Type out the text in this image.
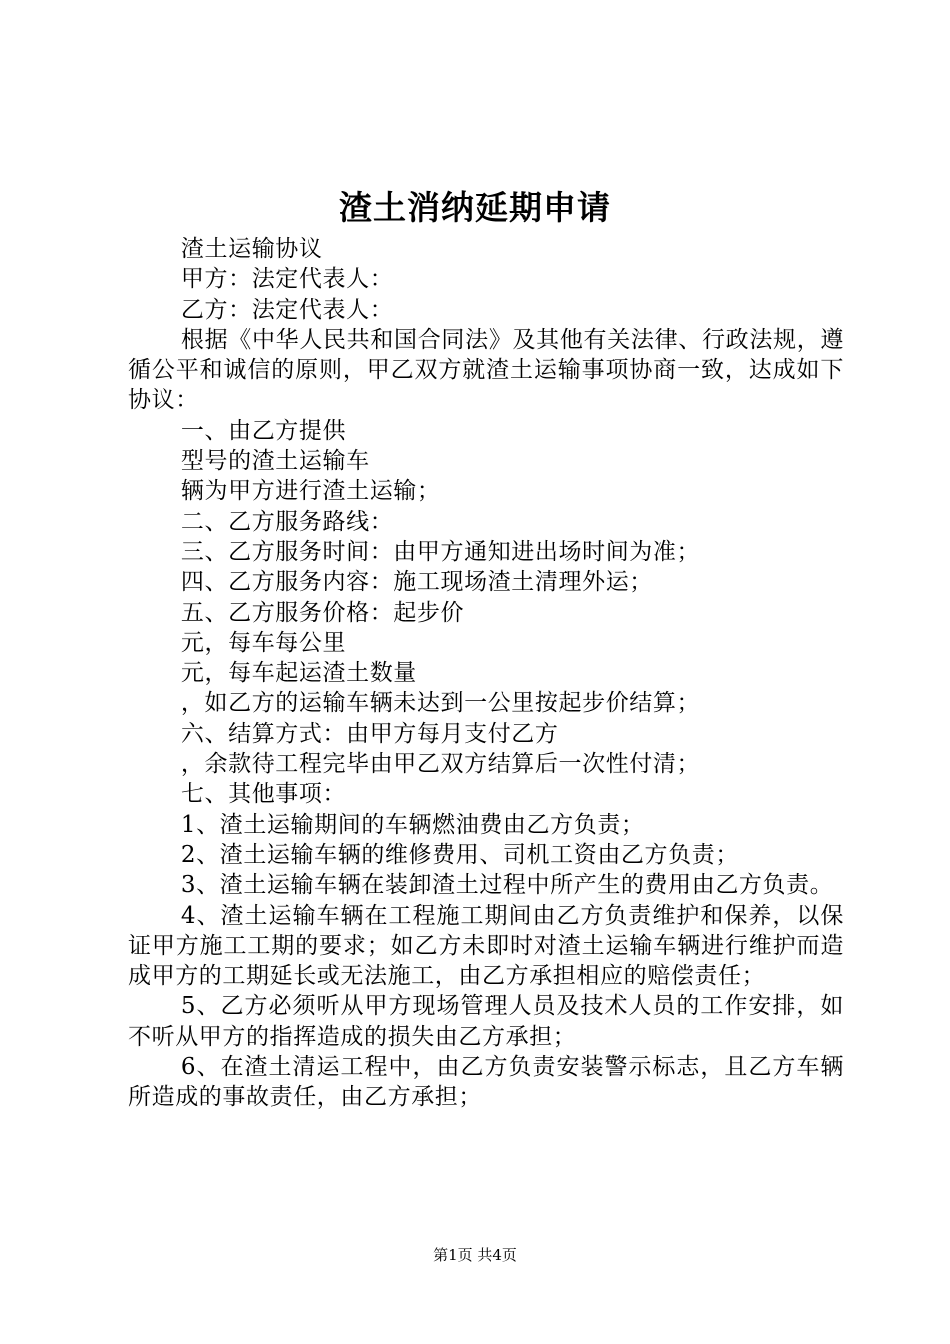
渣土消纳延期申请

渣土运输协议

甲方：法定代表人：

乙方：法定代表人：

根据《中华人民共和国合同法》及其他有关法律、行政法规，遵循公平和诚信的原则，甲乙双方就渣土运输事项协商一致，达成如下协议：

一、由乙方提供

型号的渣土运输车

辆为甲方进行渣土运输；

二、乙方服务路线：

三、乙方服务时间：由甲方通知进出场时间为准；

四、乙方服务内容：施工现场渣土清理外运；

五、乙方服务价格：起步价

元，每车每公里

元，每车起运渣土数量

，如乙方的运输车辆未达到一公里按起步价结算；

六、结算方式：由甲方每月支付乙方

，余款待工程完毕由甲乙双方结算后一次性付清；

七、其他事项：

1、渣土运输期间的车辆燃油费由乙方负责；

2、渣土运输车辆的维修费用、司机工资由乙方负责；

3、渣土运输车辆在装卸渣土过程中所产生的费用由乙方负责。

4、渣土运输车辆在工程施工期间由乙方负责维护和保养，以保证甲方施工工期的要求；如乙方未即时对渣土运输车辆进行维护而造成甲方的工期延长或无法施工，由乙方承担相应的赔偿责任；

5、乙方必须听从甲方现场管理人员及技术人员的工作安排，如不听从甲方的指挥造成的损失由乙方承担；

6、在渣土清运工程中，由乙方负责安装警示标志，且乙方车辆所造成的事故责任，由乙方承担；

第1页 共4页
